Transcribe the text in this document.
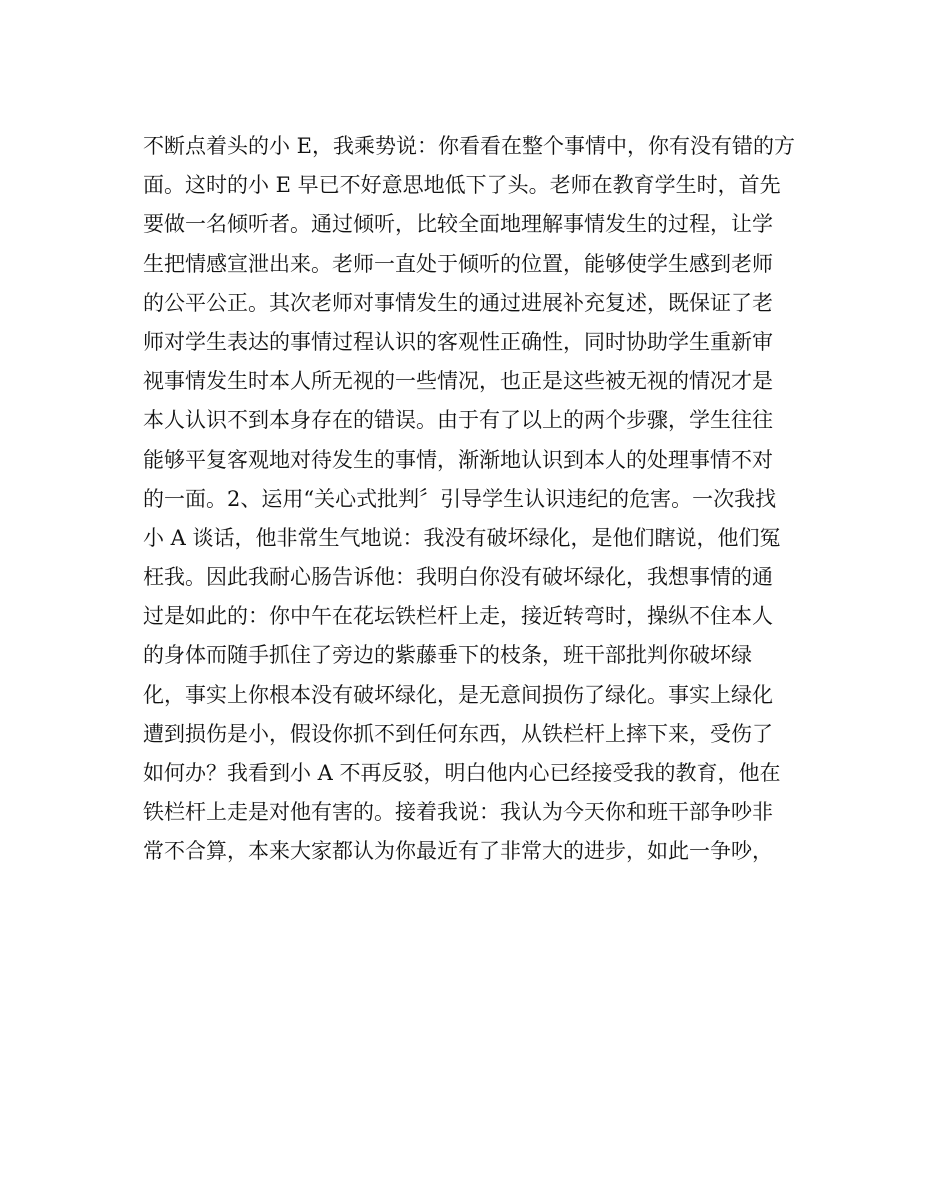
不断点着头的小 E，我乘势说：你看看在整个事情中，你有没有错的方
面。这时的小 E 早已不好意思地低下了头。老师在教育学生时，首先
要做一名倾听者。通过倾听，比较全面地理解事情发生的过程，让学
生把情感宣泄出来。老师一直处于倾听的位置，能够使学生感到老师
的公平公正。其次老师对事情发生的通过进展补充复述，既保证了老
师对学生表达的事情过程认识的客观性正确性，同时协助学生重新审
视事情发生时本人所无视的一些情况，也正是这些被无视的情况才是
本人认识不到本身存在的错误。由于有了以上的两个步骤，学生往往
能够平复客观地对待发生的事情，渐渐地认识到本人的处理事情不对
的一面。2、运用“关心式批判〞引导学生认识违纪的危害。一次我找
小 A 谈话，他非常生气地说：我没有破坏绿化，是他们瞎说，他们冤
枉我。因此我耐心肠告诉他：我明白你没有破坏绿化，我想事情的通
过是如此的：你中午在花坛铁栏杆上走，接近转弯时，操纵不住本人
的身体而随手抓住了旁边的紫藤垂下的枝条，班干部批判你破坏绿
化，事实上你根本没有破坏绿化，是无意间损伤了绿化。事实上绿化
遭到损伤是小，假设你抓不到任何东西，从铁栏杆上摔下来，受伤了
如何办？我看到小 A 不再反驳，明白他内心已经接受我的教育，他在
铁栏杆上走是对他有害的。接着我说：我认为今天你和班干部争吵非
常不合算，本来大家都认为你最近有了非常大的进步，如此一争吵，
